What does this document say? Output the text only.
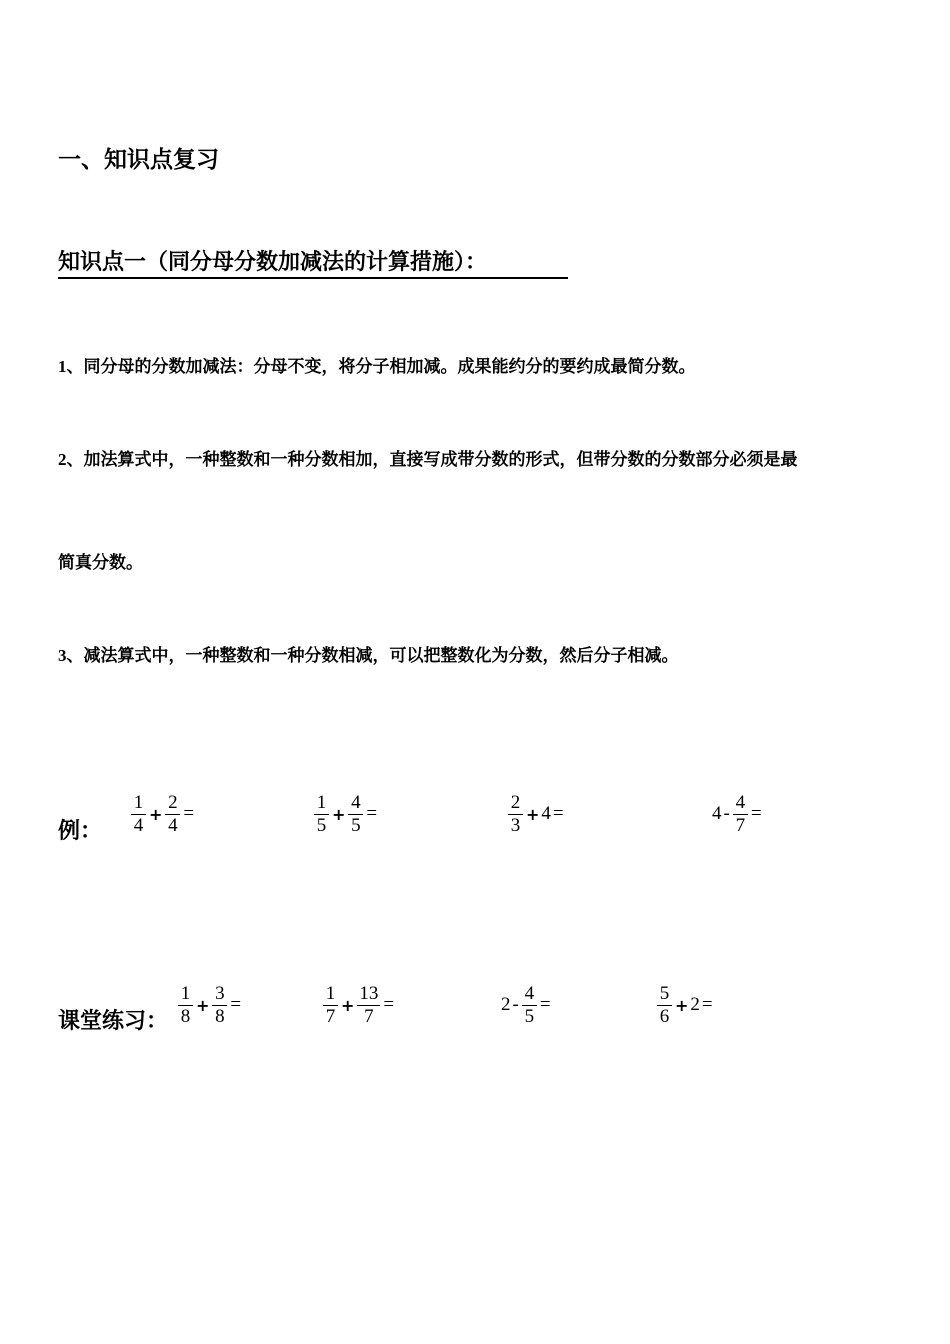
一、知识点复习
知识点一（同分母分数加减法的计算措施）：
1、同分母的分数加减法：分母不变，将分子相加减。成果能约分的要约成最简分数。
2、加法算式中，一种整数和一种分数相加，直接写成带分数的形式，但带分数的分数部分必须是最
简真分数。
3、减法算式中，一种整数和一种分数相减，可以把整数化为分数，然后分子相减。
例： $\frac{1}{4} + \frac{2}{4}$ =	$\frac{1}{5} + \frac{4}{5}$ =	$\frac{2}{3} + 4$ =	$4 - \frac{4}{7}$ =
课堂练习： $\frac{1}{8} + \frac{3}{8}$ =	$\frac{1}{7} + \frac{13}{7}$ =	$2 - \frac{4}{5}$ =	$\frac{5}{6} + 2$ =
